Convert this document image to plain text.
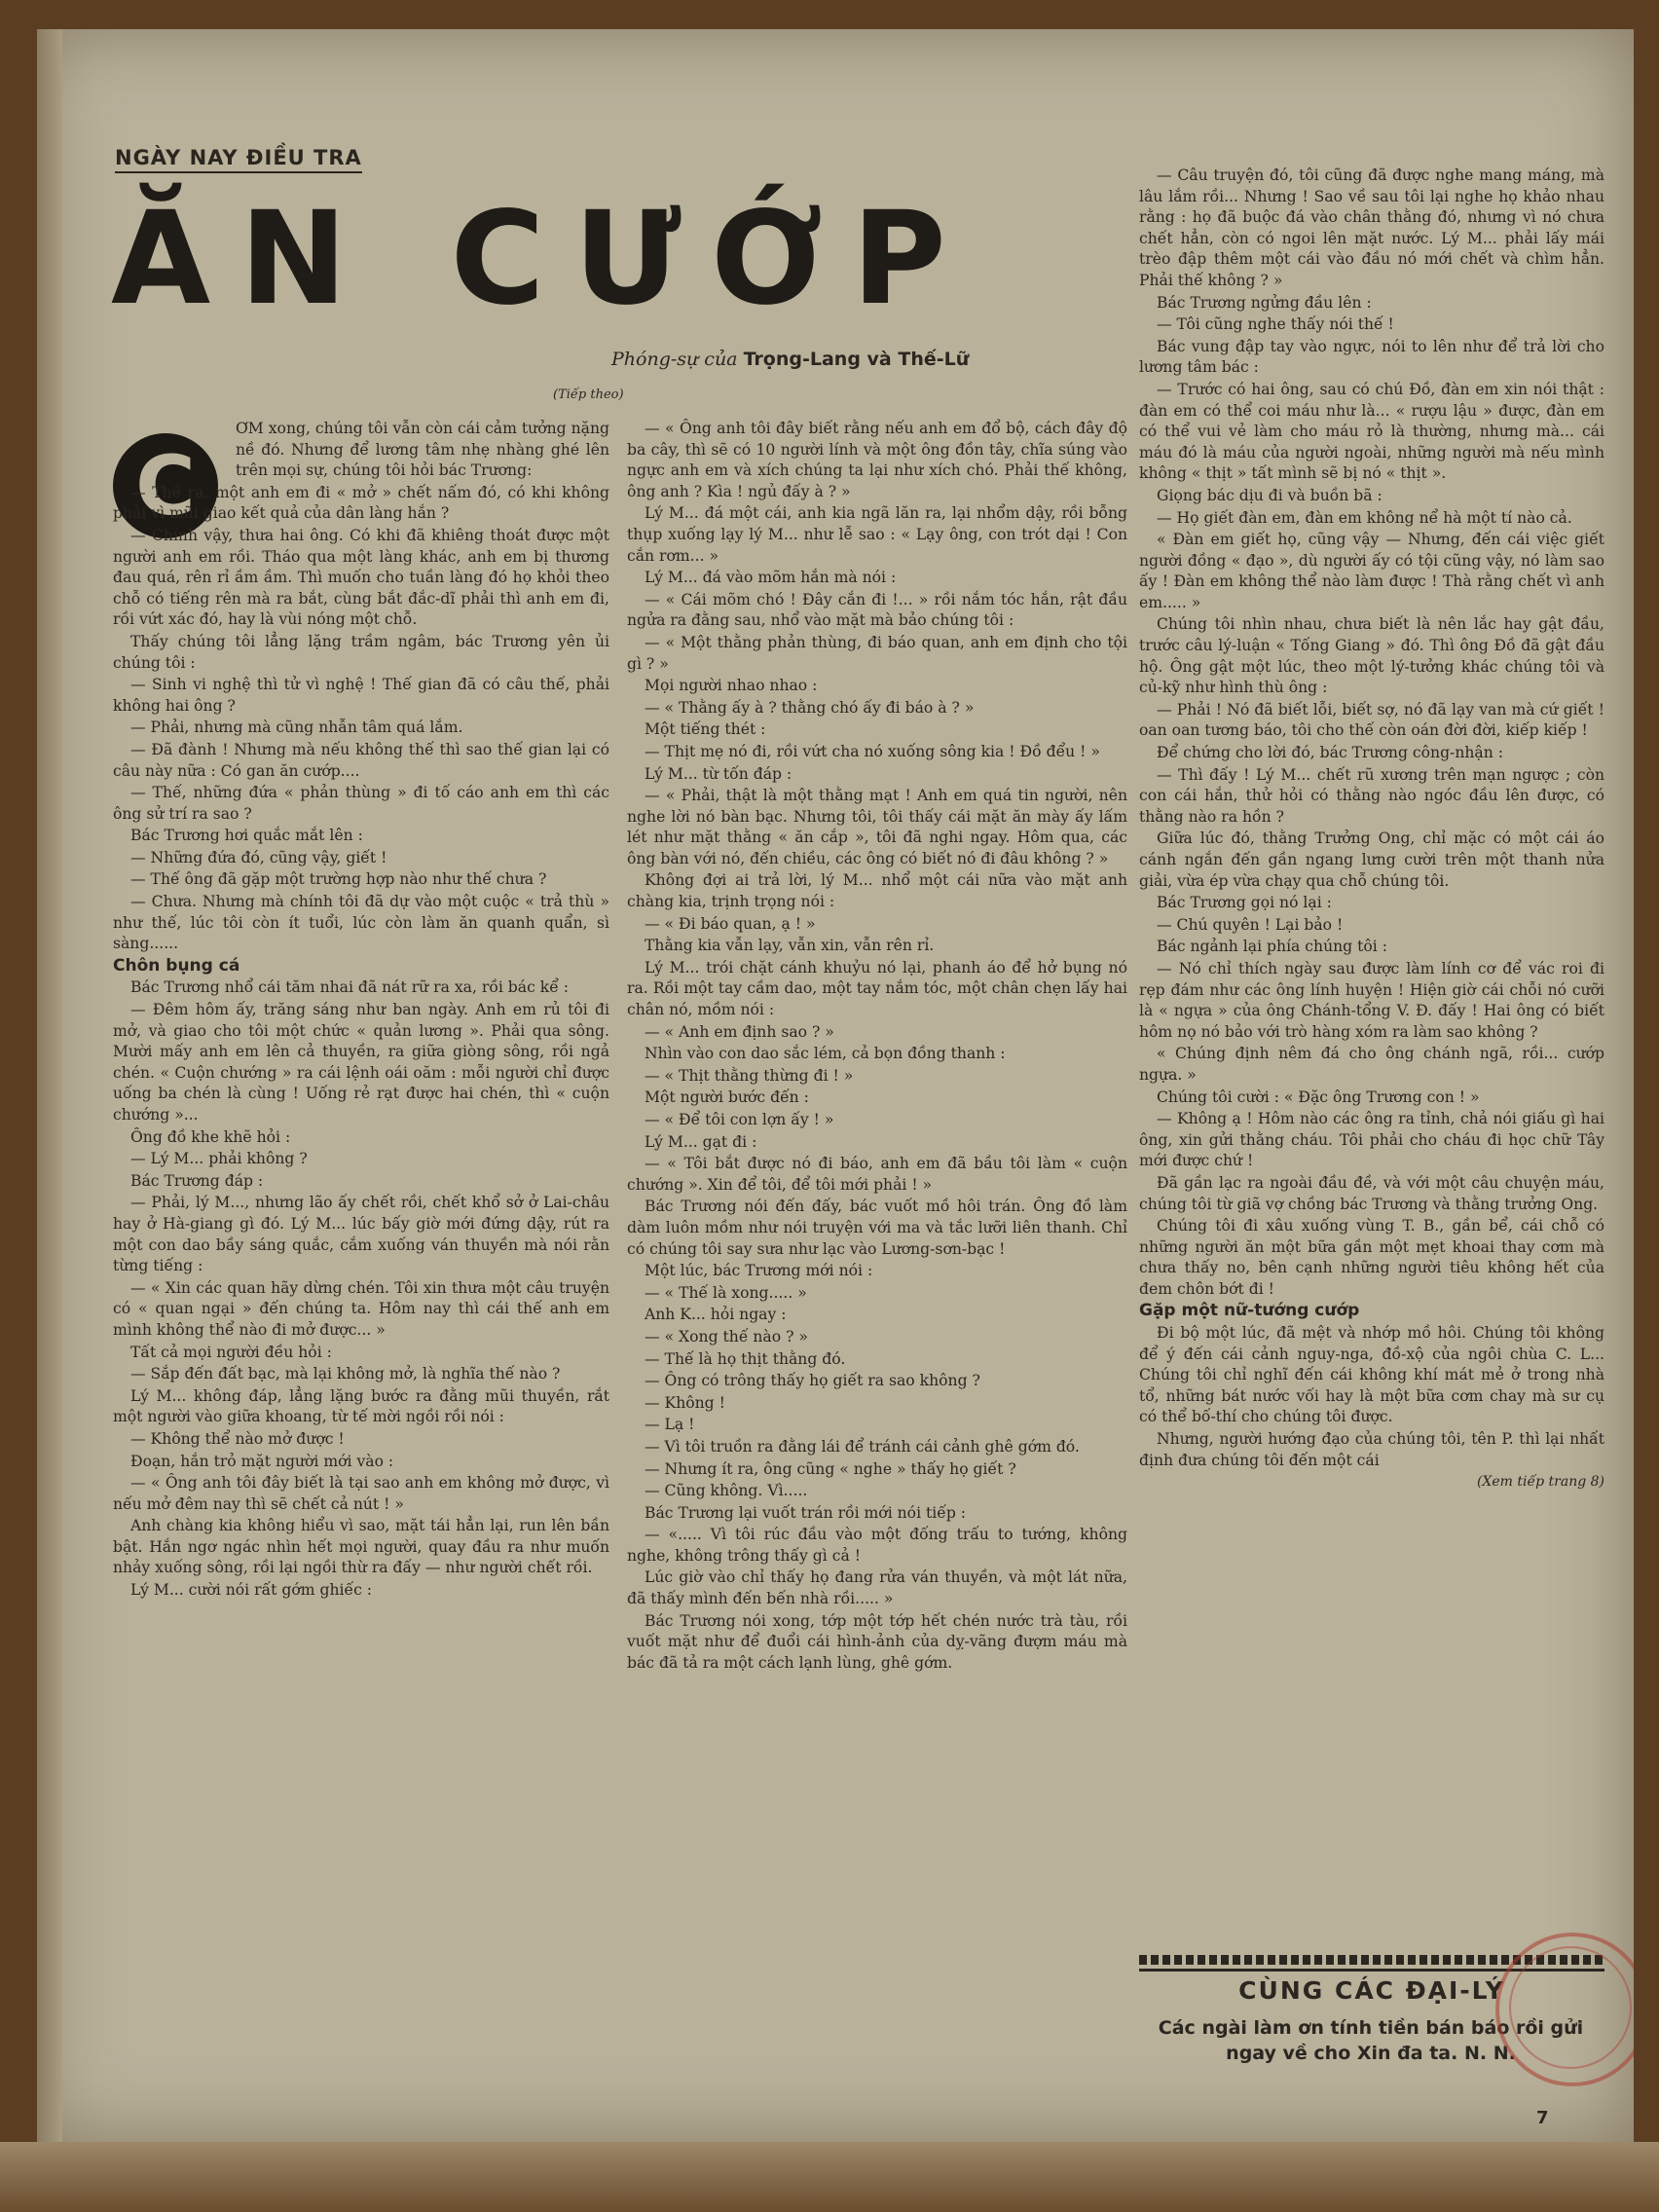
NGÀY NAY ĐIỀU TRA
ĂN CƯỚP
Phóng-sự của Trọng-Lang và Thế-Lữ
(Tiếp theo)
C

ƠM xong, chúng tôi vẫn còn cái cảm tưởng nặng nề đó. Nhưng để lương tâm nhẹ nhàng ghé lên trên mọi sự, chúng tôi hỏi bác Trương:

— Thế ra, một anh em đi « mở » chết nấm đó, có khi không phải vì mũi giao kết quả của dân làng hắn ?

— Chính vậy, thưa hai ông. Có khi đã khiêng thoát được một người anh em rồi. Tháo qua một làng khác, anh em bị thương đau quá, rên rỉ ầm ầm. Thì muốn cho tuần làng đó họ khỏi theo chỗ có tiếng rên mà ra bắt, cùng bắt đắc-dĩ phải thì anh em đi, rồi vứt xác đó, hay là vùi nóng một chỗ.

Thấy chúng tôi lẳng lặng trầm ngâm, bác Trương yên ủi chúng tôi :

— Sinh vi nghệ thì tử vì nghệ ! Thế gian đã có câu thế, phải không hai ông ?

— Phải, nhưng mà cũng nhẫn tâm quá lắm.

— Đã đành ! Nhưng mà nếu không thế thì sao thế gian lại có câu này nữa : Có gan ăn cướp....

— Thế, những đứa « phản thùng » đi tố cáo anh em thì các ông sử trí ra sao ?

Bác Trương hơi quắc mắt lên :

— Những đứa đó, cũng vậy, giết !

— Thế ông đã gặp một trường hợp nào như thế chưa ?

— Chưa. Nhưng mà chính tôi đã dự vào một cuộc « trả thù » như thế, lúc tôi còn ít tuổi, lúc còn làm ăn quanh quẩn, sì sàng......

Chôn bụng cá

Bác Trương nhổ cái tăm nhai đã nát rữ ra xa, rồi bác kể :

— Đêm hôm ấy, trăng sáng như ban ngày. Anh em rủ tôi đi mở, và giao cho tôi một chức « quản lương ». Phải qua sông. Mười mấy anh em lên cả thuyền, ra giữa giòng sông, rồi ngả chén. « Cuộn chướng » ra cái lệnh oái oăm : mỗi người chỉ được uống ba chén là cùng ! Uống rẻ rạt được hai chén, thì « cuộn chướng »...

Ông đồ khe khẽ hỏi :

— Lý M... phải không ?

Bác Trương đáp :

— Phải, lý M..., nhưng lão ấy chết rồi, chết khổ sở ở Lai-châu hay ở Hà-giang gì đó. Lý M... lúc bấy giờ mới đứng dậy, rút ra một con dao bầy sáng quắc, cắm xuống ván thuyền mà nói rằn từng tiếng :

— « Xin các quan hãy dừng chén. Tôi xin thưa một câu truyện có « quan ngại » đến chúng ta. Hôm nay thì cái thế anh em mình không thể nào đi mở được... »

Tất cả mọi người đều hỏi :

— Sắp đến đất bạc, mà lại không mở, là nghĩa thế nào ?

Lý M... không đáp, lẳng lặng bước ra đằng mũi thuyền, rắt một người vào giữa khoang, từ tế mời ngồi rồi nói :

— Không thể nào mở được !

Đoạn, hắn trỏ mặt người mới vào :

— « Ông anh tôi đây biết là tại sao anh em không mở được, vì nếu mở đêm nay thì sẽ chết cả nút ! »

Anh chàng kia không hiểu vì sao, mặt tái hẳn lại, run lên bần bật. Hắn ngơ ngác nhìn hết mọi người, quay đầu ra như muốn nhảy xuống sông, rồi lại ngồi thừ ra đấy — như người chết rồi.

Lý M... cười nói rất gớm ghiếc :

— « Ông anh tôi đây biết rằng nếu anh em đổ bộ, cách đây độ ba cây, thì sẽ có 10 người lính và một ông đồn tây, chĩa súng vào ngực anh em và xích chúng ta lại như xích chó. Phải thế không, ông anh ? Kìa ! ngủ đấy à ? »

Lý M... đá một cái, anh kia ngã lăn ra, lại nhổm dậy, rồi bỗng thụp xuống lạy lý M... như lễ sao : « Lạy ông, con trót dại ! Con cắn rơm... »

Lý M... đá vào mõm hắn mà nói :

— « Cái mõm chó ! Đây cắn đi !... » rồi nắm tóc hắn, rật đầu ngửa ra đằng sau, nhổ vào mặt mà bảo chúng tôi :

— « Một thằng phản thùng, đi báo quan, anh em định cho tội gì ? »

Mọi người nhao nhao :

— « Thằng ấy à ? thằng chó ấy đi báo à ? »

Một tiếng thét :

— Thịt mẹ nó đi, rồi vứt cha nó xuống sông kia ! Đồ đểu ! »

Lý M... từ tốn đáp :

— « Phải, thật là một thằng mạt ! Anh em quá tin người, nên nghe lời nó bàn bạc. Nhưng tôi, tôi thấy cái mặt ăn mày ấy lấm lét như mặt thằng « ăn cắp », tôi đã nghi ngay. Hôm qua, các ông bàn với nó, đến chiều, các ông có biết nó đi đâu không ? »

Không đợi ai trả lời, lý M... nhổ một cái nữa vào mặt anh chàng kia, trịnh trọng nói :

— « Đi báo quan, ạ ! »

Thằng kia vẫn lạy, vẫn xin, vẫn rên rỉ.

Lý M... trói chặt cánh khuỷu nó lại, phanh áo để hở bụng nó ra. Rồi một tay cầm dao, một tay nắm tóc, một chân chẹn lấy hai chân nó, mồm nói :

— « Anh em định sao ? »

Nhìn vào con dao sắc lém, cả bọn đồng thanh :

— « Thịt thằng thừng đi ! »

Một người bước đến :

— « Để tôi con lợn ấy ! »

Lý M... gạt đi :

— « Tôi bắt được nó đi báo, anh em đã bầu tôi làm « cuộn chướng ». Xin để tôi, để tôi mới phải ! »

Bác Trương nói đến đấy, bác vuốt mồ hôi trán. Ông đồ làm dàm luôn mồm như nói truyện với ma và tắc lưỡi liên thanh. Chỉ có chúng tôi say sưa như lạc vào Lương-sơn-bạc !

Một lúc, bác Trương mới nói :

— « Thế là xong..... »

Anh K... hỏi ngay :

— « Xong thế nào ? »

— Thế là họ thịt thằng đó.

— Ông có trông thấy họ giết ra sao không ?

— Không !

— Lạ !

— Vì tôi truồn ra đằng lái để tránh cái cảnh ghê gớm đó.

— Nhưng ít ra, ông cũng « nghe » thấy họ giết ?

— Cũng không. Vì.....

Bác Trương lại vuốt trán rồi mới nói tiếp :

— «..... Vì tôi rúc đầu vào một đống trấu to tướng, không nghe, không trông thấy gì cả !

Lúc giờ vào chỉ thấy họ đang rửa ván thuyền, và một lát nữa, đã thấy mình đến bến nhà rồi..... »

Bác Trương nói xong, tớp một tớp hết chén nước trà tàu, rồi vuốt mặt như để đuổi cái hình-ảnh của dỵ-vãng đượm máu mà bác đã tả ra một cách lạnh lùng, ghê gớm.

— Câu truyện đó, tôi cũng đã được nghe mang máng, mà lâu lắm rồi... Nhưng ! Sao về sau tôi lại nghe họ khảo nhau rằng : họ đã buộc đá vào chân thằng đó, nhưng vì nó chưa chết hẳn, còn có ngoi lên mặt nước. Lý M... phải lấy mái trèo đập thêm một cái vào đầu nó mới chết và chìm hẳn. Phải thế không ? »

Bác Trương ngửng đầu lên :

— Tôi cũng nghe thấy nói thế !

Bác vung đập tay vào ngực, nói to lên như để trả lời cho lương tâm bác :

— Trước có hai ông, sau có chú Đồ, đàn em xin nói thật : đàn em có thể coi máu như là... « rượu lậu » được, đàn em có thể vui vẻ làm cho máu rỏ là thường, nhưng mà... cái máu đó là máu của người ngoài, những người mà nếu mình không « thịt » tất mình sẽ bị nó « thịt ».

Giọng bác dịu đi và buồn bã :

— Họ giết đàn em, đàn em không nể hà một tí nào cả.

« Đàn em giết họ, cũng vậy — Nhưng, đến cái việc giết người đồng « đạo », dù người ấy có tội cũng vậy, nó làm sao ấy ! Đàn em không thể nào làm được ! Thà rằng chết vì anh em..... »

Chúng tôi nhìn nhau, chưa biết là nên lắc hay gật đầu, trước câu lý-luận « Tống Giang » đó. Thì ông Đồ đã gật đầu hộ. Ông gật một lúc, theo một lý-tưởng khác chúng tôi và củ-kỹ như hình thù ông :

— Phải ! Nó đã biết lỗi, biết sợ, nó đã lạy van mà cứ giết ! oan oan tương báo, tôi cho thế còn oán đời đời, kiếp kiếp !

Để chứng cho lời đó, bác Trương công-nhận :

— Thì đấy ! Lý M... chết rũ xương trên mạn ngược ; còn con cái hắn, thử hỏi có thằng nào ngóc đầu lên được, có thằng nào ra hồn ?

Giữa lúc đó, thằng Trưởng Ong, chỉ mặc có một cái áo cánh ngắn đến gần ngang lưng cười trên một thanh nửa giải, vừa ép vừa chạy qua chỗ chúng tôi.

Bác Trương gọi nó lại :

— Chú quyên ! Lại bảo !

Bác ngảnh lại phía chúng tôi :

— Nó chỉ thích ngày sau được làm lính cơ để vác roi đi rẹp đám như các ông lính huyện ! Hiện giờ cái chỗi nó cưỡi là « ngựa » của ông Chánh-tổng V. Đ. đấy ! Hai ông có biết hôm nọ nó bảo với trò hàng xóm ra làm sao không ?

« Chúng định nêm đá cho ông chánh ngã, rồi... cướp ngựa. »

Chúng tôi cười : « Đặc ông Trương con ! »

— Không ạ ! Hôm nào các ông ra tỉnh, chả nói giấu gì hai ông, xin gửi thằng cháu. Tôi phải cho cháu đi học chữ Tây mới được chứ !

Đã gần lạc ra ngoài đầu đề, và với một câu chuyện máu, chúng tôi từ giã vợ chồng bác Trương và thằng trưởng Ong.

Chúng tôi đi xâu xuống vùng T. B., gần bể, cái chỗ có những người ăn một bữa gần một mẹt khoai thay cơm mà chưa thấy no, bên cạnh những người tiêu không hết của đem chôn bớt đi !

Gặp một nữ-tướng cướp

Đi bộ một lúc, đã mệt và nhớp mồ hôi. Chúng tôi không để ý đến cái cảnh nguy-nga, đồ-xộ của ngôi chùa C. L... Chúng tôi chỉ nghĩ đến cái không khí mát mẻ ở trong nhà tổ, những bát nước vối hay là một bữa cơm chay mà sư cụ có thể bố-thí cho chúng tôi được.

Nhưng, người hướng đạo của chúng tôi, tên P. thì lại nhất định đưa chúng tôi đến một cái

(Xem tiếp trang 8)

CÙNG CÁC ĐẠI-LÝ
Các ngài làm ơn tính tiền bán báo rồi gửi ngay về cho Xin đa ta. N. N.
7
